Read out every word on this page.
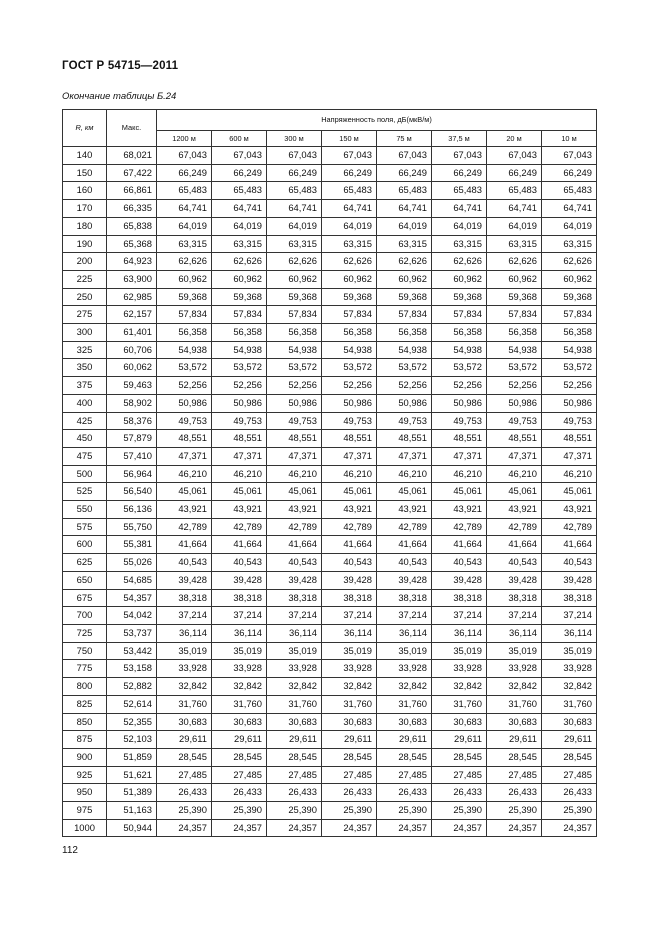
ГОСТ Р 54715—2011
Окончание таблицы Б.24
R, км	Макс.	Напряженность поля, дБ(мкВ/м)							
		1200 м	600 м	300 м	150 м	75 м	37,5 м	20 м	10 м
140	68,021	67,043	67,043	67,043	67,043	67,043	67,043	67,043	67,043
150	67,422	66,249	66,249	66,249	66,249	66,249	66,249	66,249	66,249
160	66,861	65,483	65,483	65,483	65,483	65,483	65,483	65,483	65,483
170	66,335	64,741	64,741	64,741	64,741	64,741	64,741	64,741	64,741
180	65,838	64,019	64,019	64,019	64,019	64,019	64,019	64,019	64,019
190	65,368	63,315	63,315	63,315	63,315	63,315	63,315	63,315	63,315
200	64,923	62,626	62,626	62,626	62,626	62,626	62,626	62,626	62,626
225	63,900	60,962	60,962	60,962	60,962	60,962	60,962	60,962	60,962
250	62,985	59,368	59,368	59,368	59,368	59,368	59,368	59,368	59,368
275	62,157	57,834	57,834	57,834	57,834	57,834	57,834	57,834	57,834
300	61,401	56,358	56,358	56,358	56,358	56,358	56,358	56,358	56,358
325	60,706	54,938	54,938	54,938	54,938	54,938	54,938	54,938	54,938
350	60,062	53,572	53,572	53,572	53,572	53,572	53,572	53,572	53,572
375	59,463	52,256	52,256	52,256	52,256	52,256	52,256	52,256	52,256
400	58,902	50,986	50,986	50,986	50,986	50,986	50,986	50,986	50,986
425	58,376	49,753	49,753	49,753	49,753	49,753	49,753	49,753	49,753
450	57,879	48,551	48,551	48,551	48,551	48,551	48,551	48,551	48,551
475	57,410	47,371	47,371	47,371	47,371	47,371	47,371	47,371	47,371
500	56,964	46,210	46,210	46,210	46,210	46,210	46,210	46,210	46,210
525	56,540	45,061	45,061	45,061	45,061	45,061	45,061	45,061	45,061
550	56,136	43,921	43,921	43,921	43,921	43,921	43,921	43,921	43,921
575	55,750	42,789	42,789	42,789	42,789	42,789	42,789	42,789	42,789
600	55,381	41,664	41,664	41,664	41,664	41,664	41,664	41,664	41,664
625	55,026	40,543	40,543	40,543	40,543	40,543	40,543	40,543	40,543
650	54,685	39,428	39,428	39,428	39,428	39,428	39,428	39,428	39,428
675	54,357	38,318	38,318	38,318	38,318	38,318	38,318	38,318	38,318
700	54,042	37,214	37,214	37,214	37,214	37,214	37,214	37,214	37,214
725	53,737	36,114	36,114	36,114	36,114	36,114	36,114	36,114	36,114
750	53,442	35,019	35,019	35,019	35,019	35,019	35,019	35,019	35,019
775	53,158	33,928	33,928	33,928	33,928	33,928	33,928	33,928	33,928
800	52,882	32,842	32,842	32,842	32,842	32,842	32,842	32,842	32,842
825	52,614	31,760	31,760	31,760	31,760	31,760	31,760	31,760	31,760
850	52,355	30,683	30,683	30,683	30,683	30,683	30,683	30,683	30,683
875	52,103	29,611	29,611	29,611	29,611	29,611	29,611	29,611	29,611
900	51,859	28,545	28,545	28,545	28,545	28,545	28,545	28,545	28,545
925	51,621	27,485	27,485	27,485	27,485	27,485	27,485	27,485	27,485
950	51,389	26,433	26,433	26,433	26,433	26,433	26,433	26,433	26,433
975	51,163	25,390	25,390	25,390	25,390	25,390	25,390	25,390	25,390
1000	50,944	24,357	24,357	24,357	24,357	24,357	24,357	24,357	24,357
112
